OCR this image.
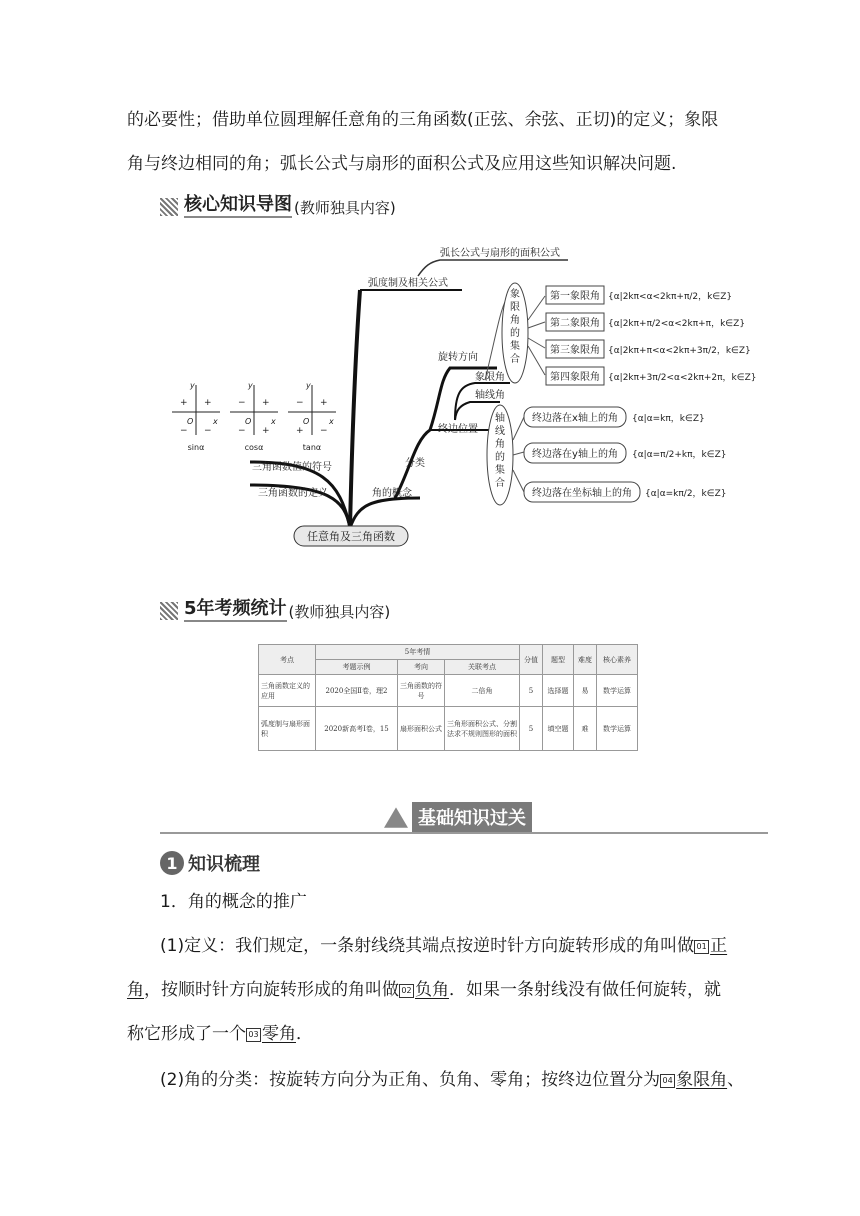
的必要性；借助单位圆理解任意角的三角函数(正弦、余弦、正切)的定义；象限
角与终边相同的角；弧长公式与扇形的面积公式及应用这些知识解决问题.
核心知识导图 (教师独具内容)
弧度制及相关公式
弧长公式与扇形的面积公式
三角函数值的符号
三角函数的定义	角的概念
分类
旋转方向
终边位置
象限角
轴线角
任意角及三角函数
象限角的集合
轴线角的集合
第一象限角 {α|2kπ<α<2kπ+π/2，k∈Z}
第二象限角 {α|2kπ+π/2<α<2kπ+π，k∈Z}
第三象限角 {α|2kπ+π<α<2kπ+3π/2，k∈Z}
第四象限角 {α|2kπ+3π/2<α<2kπ+2π，k∈Z}
终边落在x轴上的角 {α|α=kπ，k∈Z}
终边落在y轴上的角 {α|α=π/2+kπ，k∈Z}
终边落在坐标轴上的角 {α|α=kπ/2，k∈Z}
y
x
O
+
+
− −
sinα
y
x
O
+
−
− +
cosα
y
x
O
+
−
+ −
tanα
5年考频统计 (教师独具内容)
考点	5年考情			分值	题型	难度	核心素养
	考题示例	考向	关联考点				
三角函数定义的应用	2020全国Ⅱ卷，理2	三角函数的符号	二倍角	5	选择题	易	数学运算
弧度制与扇形面积	2020新高考Ⅰ卷，15	扇形面积公式	三角形面积公式、分割法求不规则图形的面积	5	填空题	难	数学运算
基础知识过关
1 知识梳理
1．角的概念的推广
(1)定义：我们规定，一条射线绕其端点按逆时针方向旋转形成的角叫做 01 正
角，按顺时针方向旋转形成的角叫做 02 负角．如果一条射线没有做任何旋转，就
称它形成了一个 03 零角．
(2)角的分类：按旋转方向分为正角、负角、零角；按终边位置分为 04 象限角、
